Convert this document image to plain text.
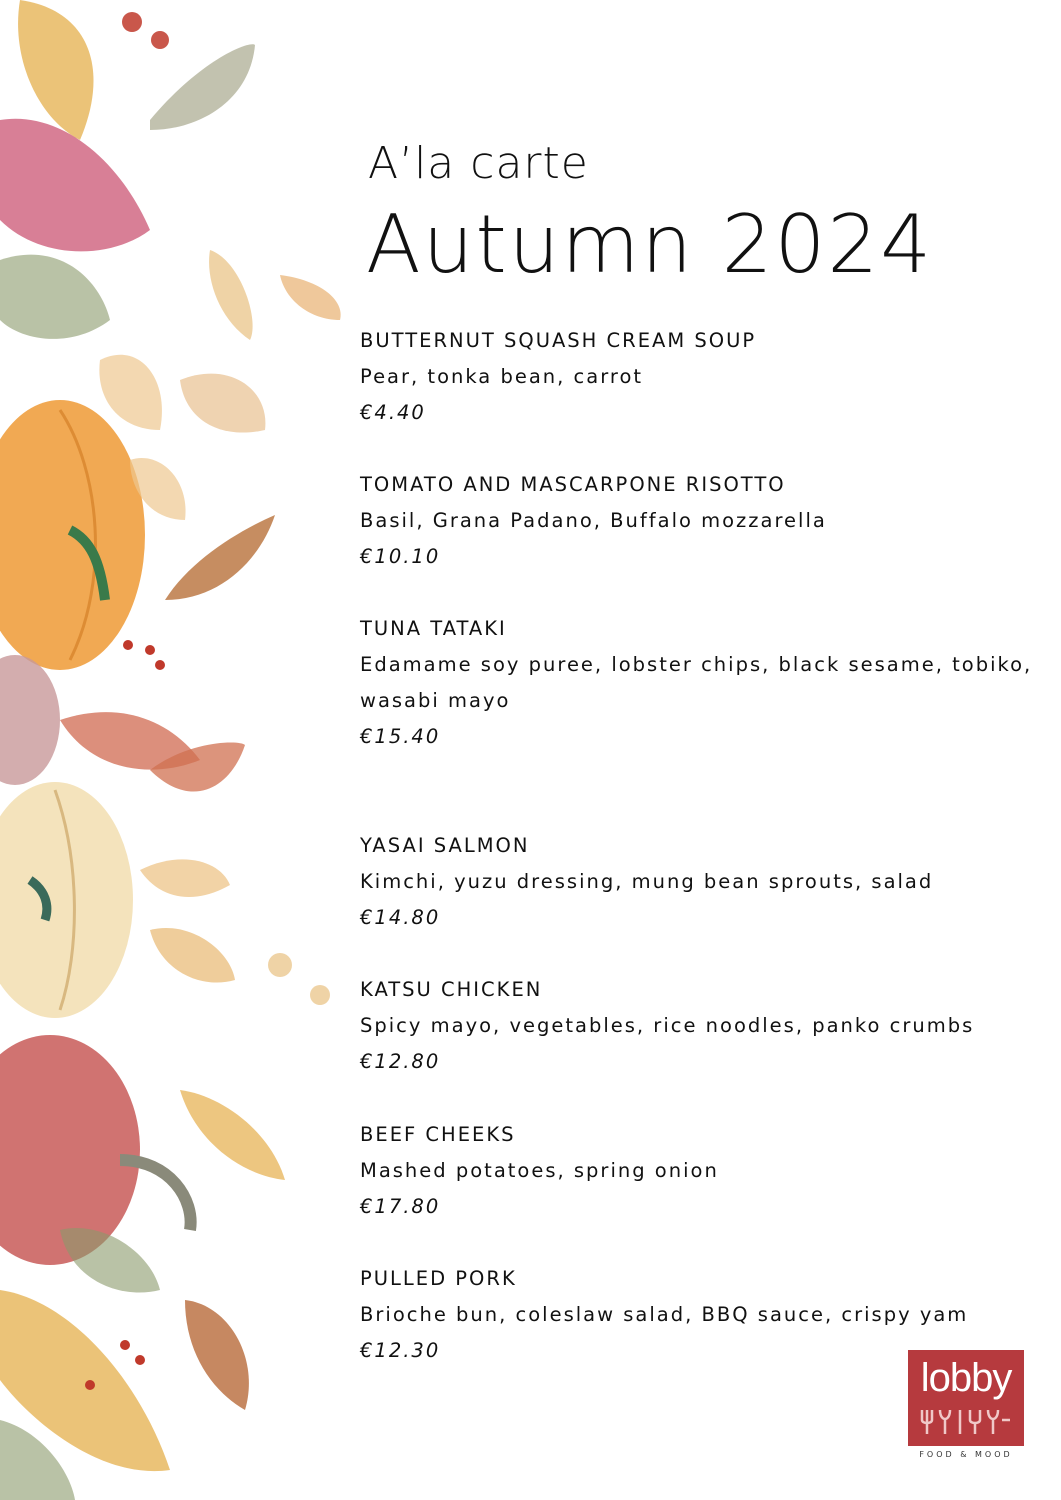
A’la carte
Autumn 2024
BUTTERNUT SQUASH CREAM SOUP
Pear, tonka bean, carrot
€4.40
TOMATO AND MASCARPONE RISOTTO
Basil, Grana Padano, Buffalo mozzarella
€10.10
TUNA TATAKI
Edamame soy puree, lobster chips, black sesame, tobiko, wasabi mayo
€15.40
YASAI SALMON
Kimchi, yuzu dressing, mung bean sprouts, salad
€14.80
KATSU CHICKEN
Spicy mayo, vegetables, rice noodles, panko crumbs
€12.80
BEEF CHEEKS
Mashed potatoes, spring onion
€17.80
PULLED PORK
Brioche bun, coleslaw salad, BBQ sauce, crispy yam
€12.30
lobby
FOOD & MOOD
